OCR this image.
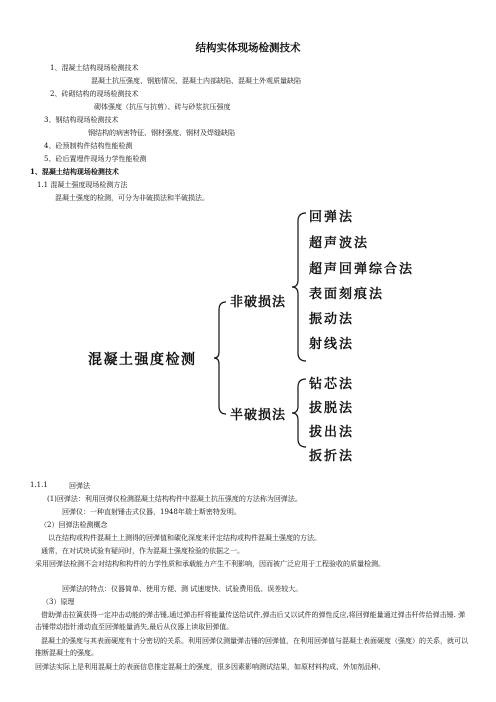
结构实体现场检测技术
1、混凝土结构现场检测技术
混凝土抗压强度、钢筋情况、混凝土内部缺陷、混凝土外观质量缺陷
2、砖砌结构的现场检测技术
砌体强度（抗压与抗剪）、砖与砂浆抗压强度
3、钢结构现场检测技术
钢结构的病害特征、钢材强度、钢材及焊缝缺陷
4、砼预制构件结构性能检测
5、砼后置埋件现场力学性能检测
1、混凝土结构现场检测技术
1.1 混凝土强度现场检测方法
混凝土强度的检测，可分为非破损法和半破损法。
混凝土强度检测
非破损法
半破损法
回弹法
超声波法
超声回弹综合法
表面刻痕法
振动法
射线法
钻芯法
拔脱法
拔出法
扳折法
1.1.1	回弹法
(1)回弹法：利用回弹仪检测混凝土结构构件中混凝土抗压强度的方法称为回弹法。
回弹仪：一种直射锤击式仪器，1948年瑞士斯密特发明。
（2）回弹法检测概念
以在结构或构件混凝土上测得的回弹值和碳化深度来评定结构或构件混凝土强度的方法。
通常，在对试块试验有疑问时，作为混凝土强度检验的依据之一。
采用回弹法检测不会对结构和构件的力学性质和承载能力产生不利影响，因而被广泛应用于工程验收的质量检测。
回弹法的特点：仪器简单、使用方便、测 试速度快、试验费用低、误差较大。
（3）原理
借助弹击拉簧获得一定冲击动能的弹击锤,通过弹击杆将能量传送给试件,弹击后又以试件的弹性反应,将回弹能量通过弹击杆传给弹击锤. 弹击锤带动指针滑动直至回弹能量消失,最后从仪器上读取回弹值。
混凝土的强度与其表面硬度有十分密切的关系。利用回弹仪测量弹击锤的回弹值，在利用回弹值与混凝土表面硬度（强度）的关系，就可以推断混凝土的强度。
回弹法实际上是利用混凝土的表面信息推定混凝土的强度，很多因素影响测试结果，如原材料构成、外加剂品种、
